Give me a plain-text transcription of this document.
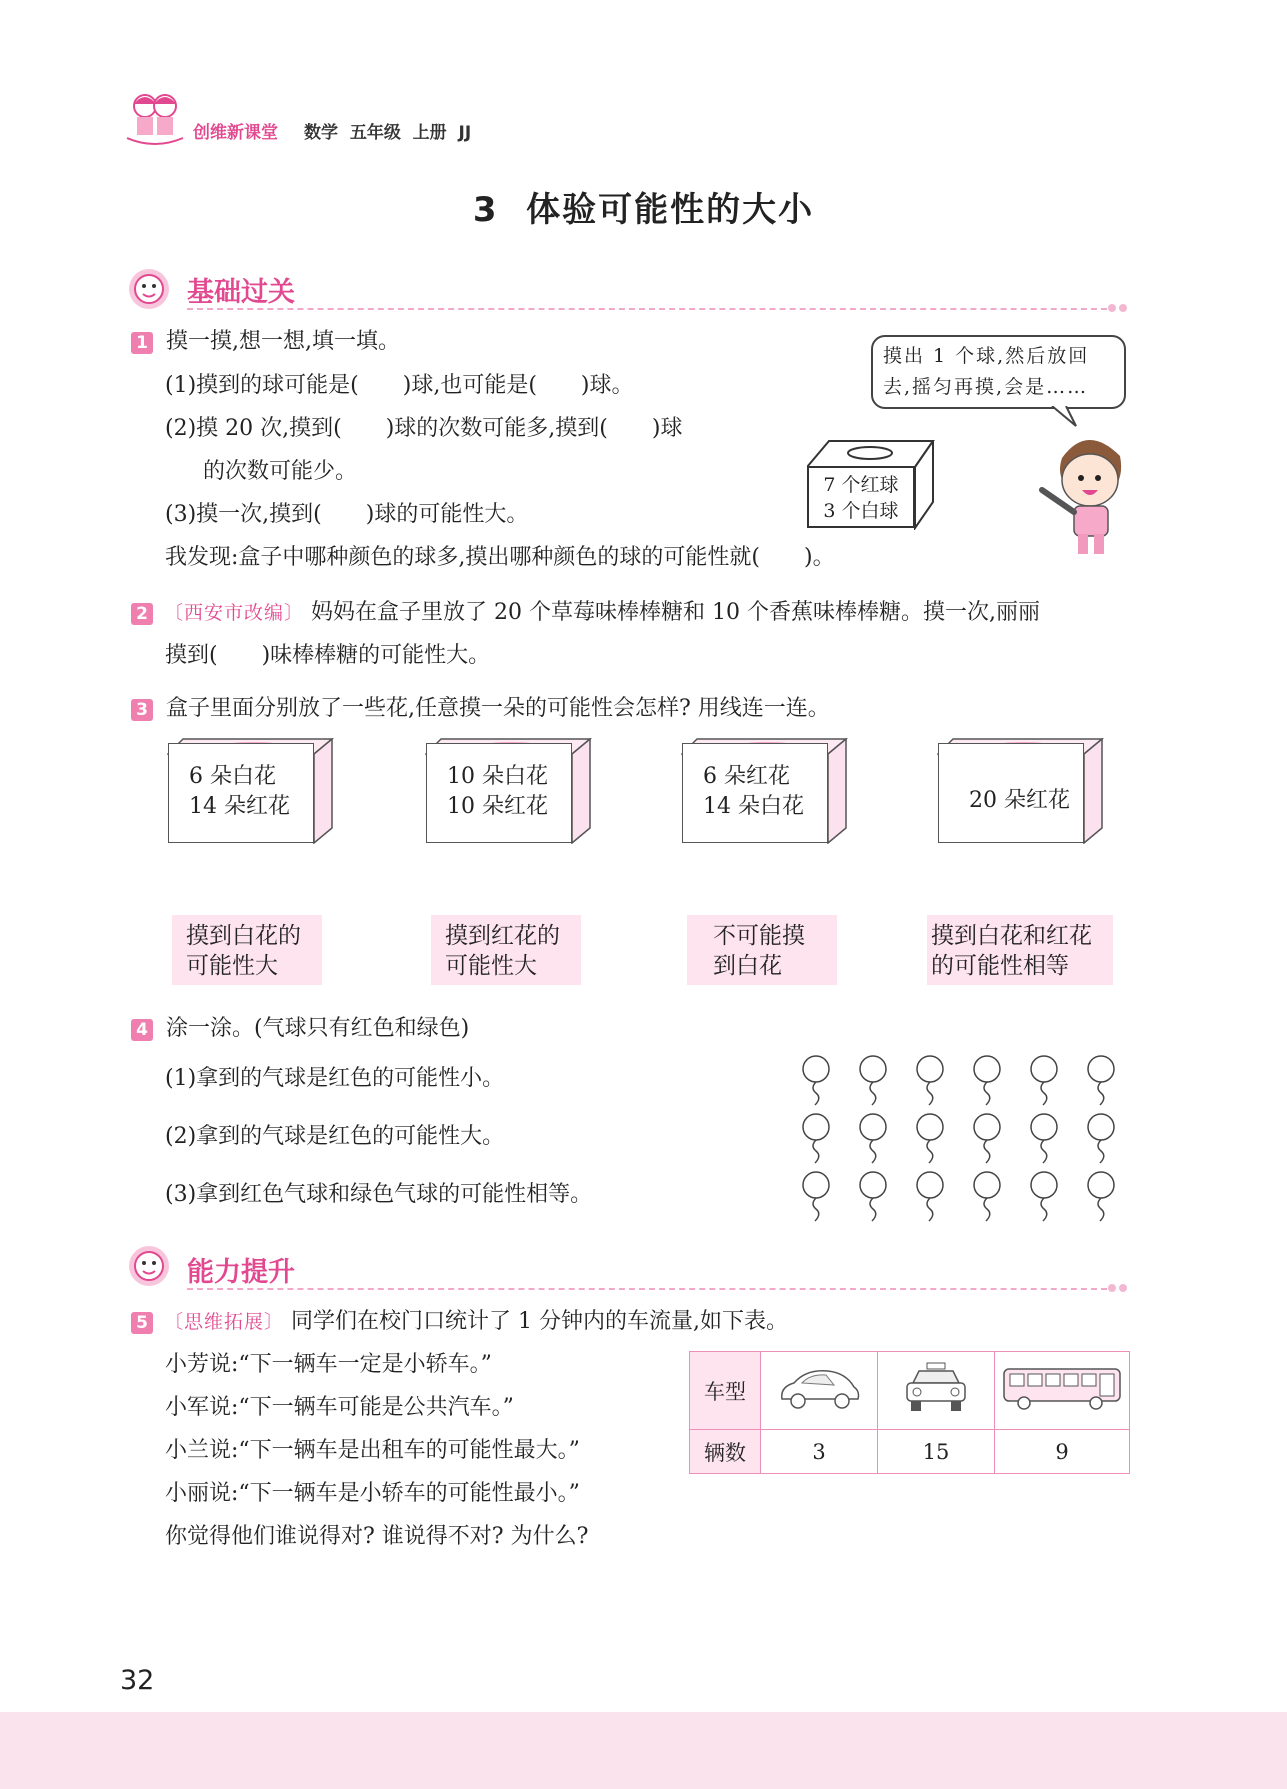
创维新课堂 数学  五年级  上册  JJ
3  体验可能性的大小
基础过关
1 摸一摸,想一想,填一填。
(1)摸到的球可能是(　　)球,也可能是(　　)球。
(2)摸 20 次,摸到(　　)球的次数可能多,摸到(　　)球
的次数可能少。
(3)摸一次,摸到(　　)球的可能性大。
我发现:盒子中哪种颜色的球多,摸出哪种颜色的球的可能性就(　　)。
摸出 1 个球,然后放回
去,摇匀再摸,会是……
7 个红球
3 个白球
2 〔西安市改编〕 妈妈在盒子里放了 20 个草莓味棒棒糖和 10 个香蕉味棒棒糖。摸一次,丽丽
摸到(　　)味棒棒糖的可能性大。
3 盒子里面分别放了一些花,任意摸一朵的可能性会怎样? 用线连一连。
6 朵白花
14 朵红花
10 朵白花
10 朵红花
6 朵红花
14 朵白花	20 朵红花
摸到白花的
可能性大
摸到红花的
可能性大
不可能摸
到白花
摸到白花和红花
的可能性相等
4 涂一涂。(气球只有红色和绿色)
(1)拿到的气球是红色的可能性小。
(2)拿到的气球是红色的可能性大。
(3)拿到红色气球和绿色气球的可能性相等。
能力提升
5 〔思维拓展〕 同学们在校门口统计了 1 分钟内的车流量,如下表。
小芳说:“下一辆车一定是小轿车。”
小军说:“下一辆车可能是公共汽车。”
小兰说:“下一辆车是出租车的可能性最大。”
小丽说:“下一辆车是小轿车的可能性最小。”
你觉得他们谁说得对? 谁说得不对? 为什么?
车型			
辆数	3	15	9
32
